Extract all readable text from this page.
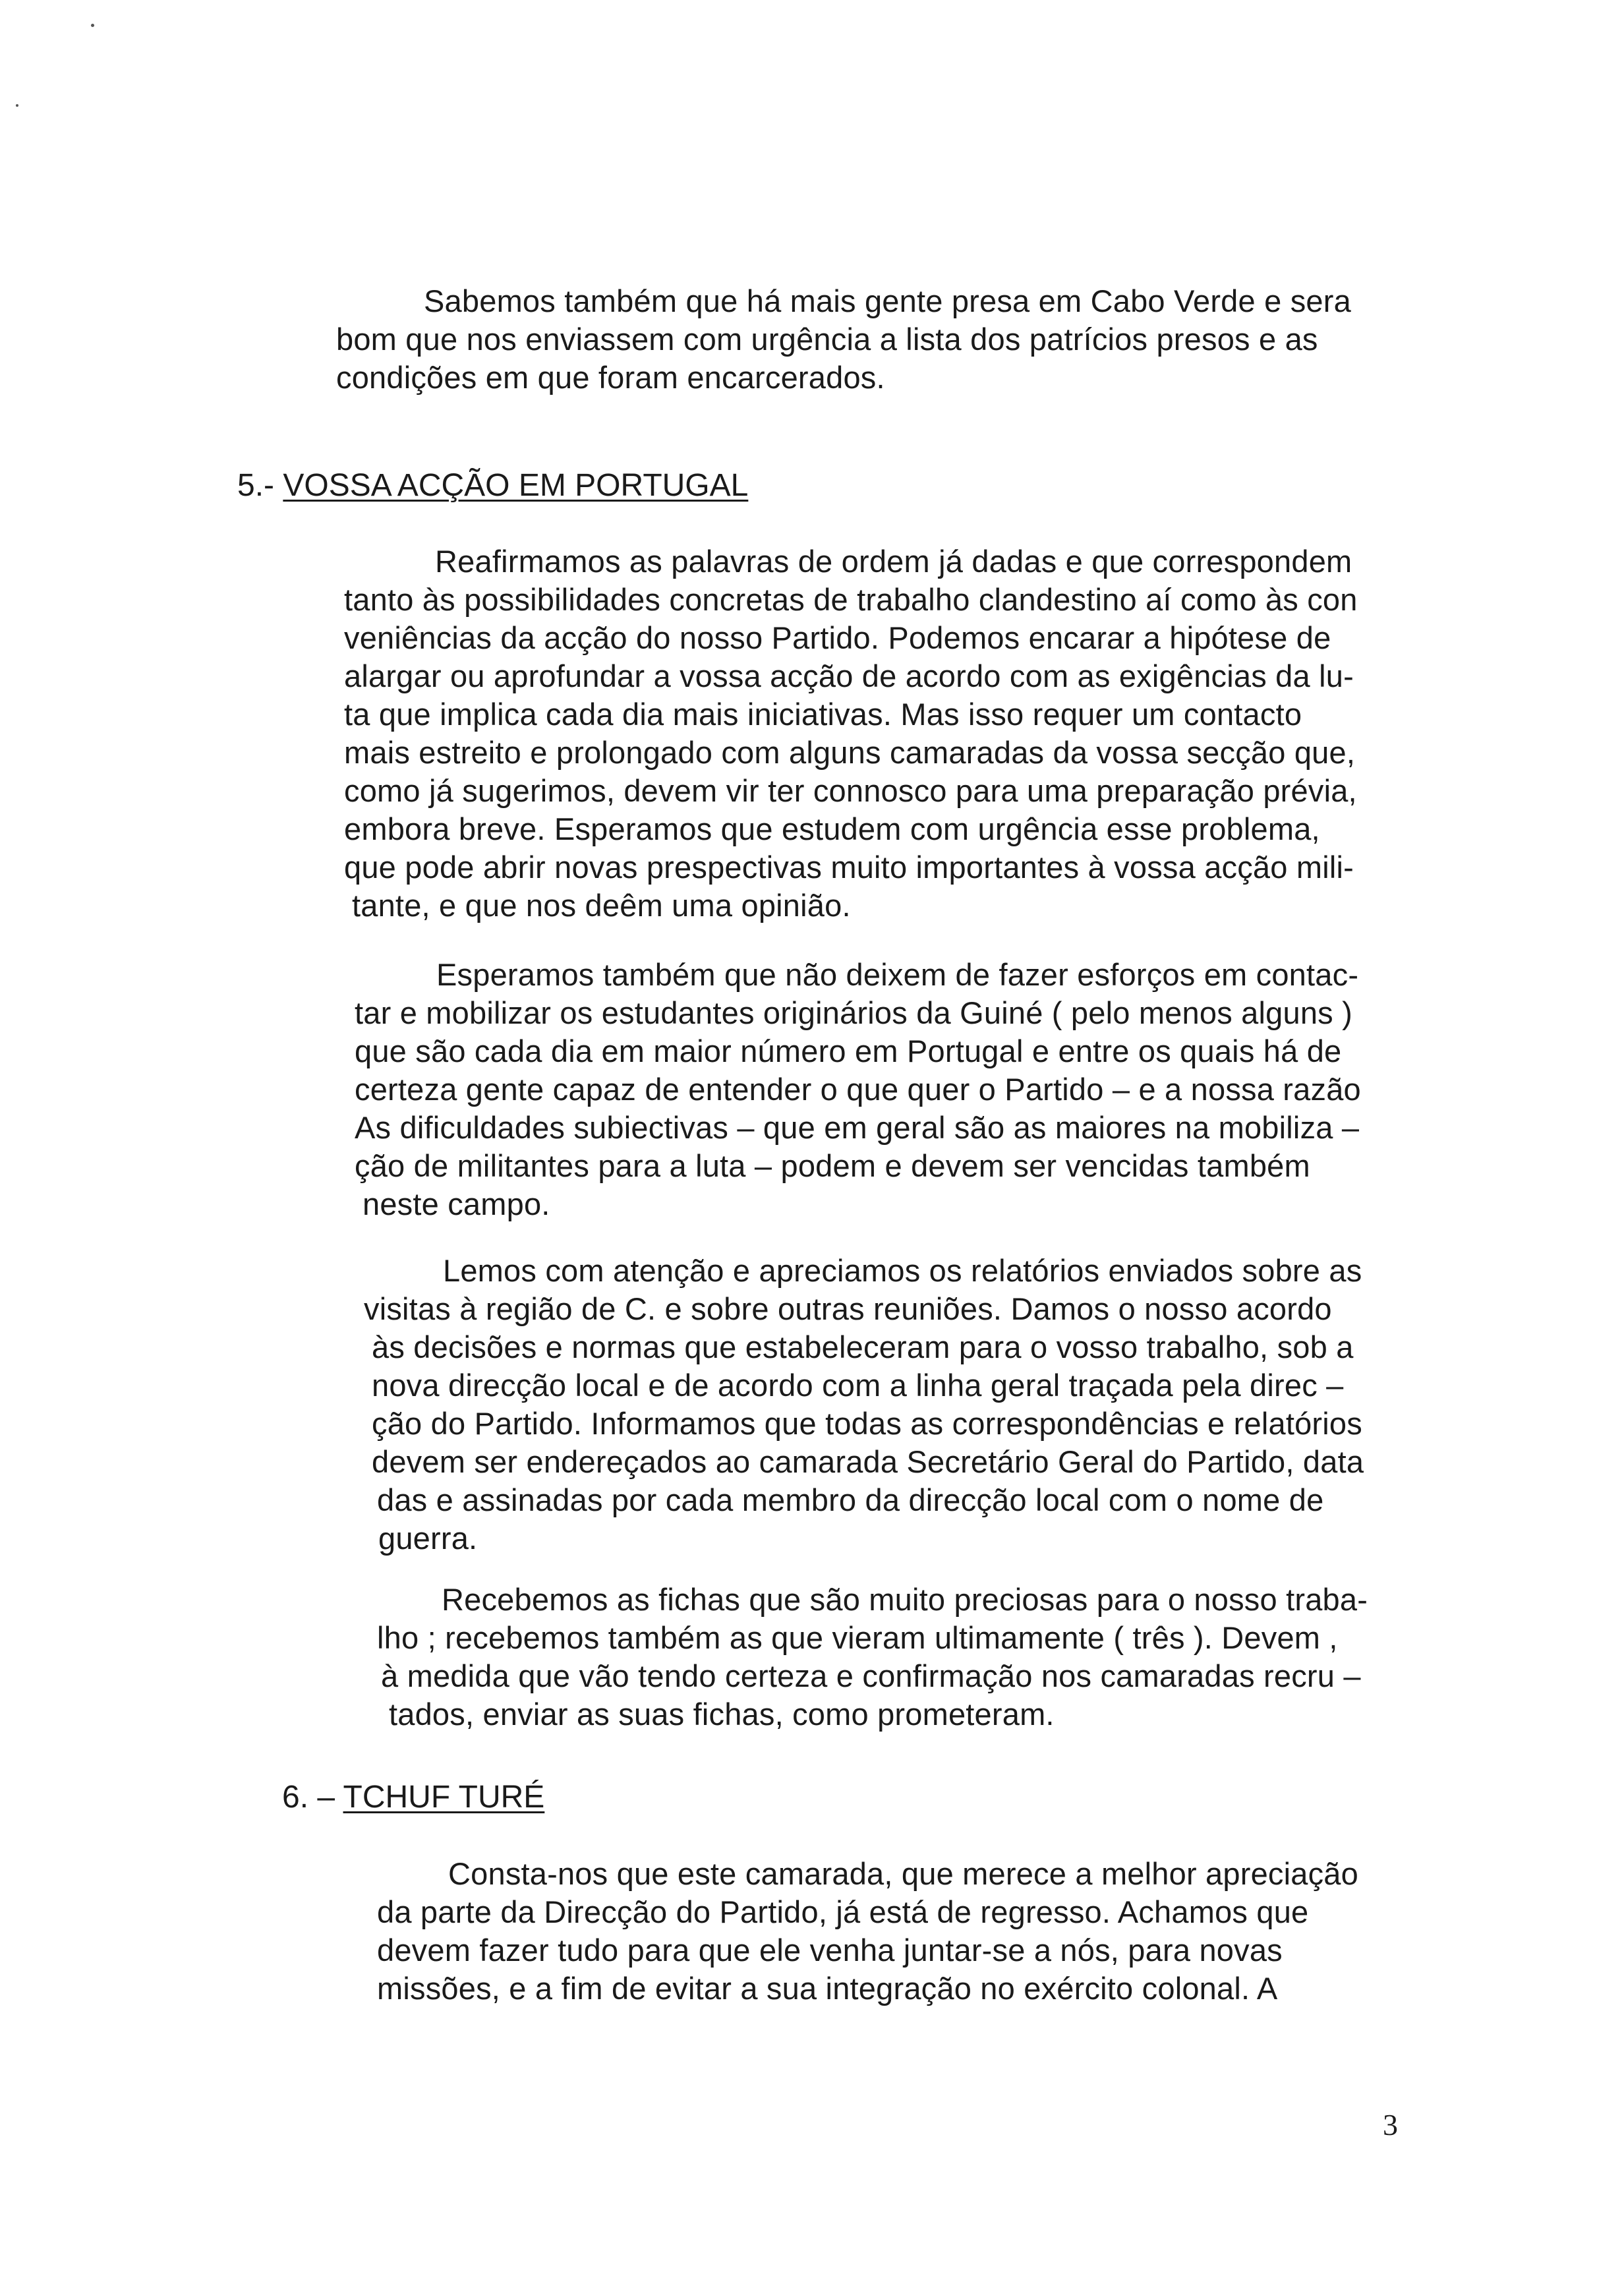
Sabemos também que há mais gente presa em Cabo Verde e sera
bom que nos enviassem com urgência a lista dos patrícios presos e as
condições em que foram encarcerados.
5.- VOSSA ACÇÃO EM PORTUGAL
Reafirmamos as palavras de ordem já dadas e que correspondem
tanto às possibilidades concretas de trabalho clandestino aí como às con
veniências da acção do nosso Partido. Podemos encarar a hipótese de
alargar ou aprofundar a vossa acção de acordo com as exigências da lu-
ta que implica cada dia mais iniciativas. Mas isso requer um contacto
mais estreito e prolongado com alguns camaradas da vossa secção que,
como já sugerimos, devem vir ter connosco para uma preparação prévia,
embora breve. Esperamos que estudem com urgência esse problema,
que pode abrir novas prespectivas muito importantes à vossa acção mili-
tante, e que nos deêm uma opinião.
Esperamos também que não deixem de fazer esforços em contac-
tar e mobilizar os estudantes originários da Guiné ( pelo menos alguns )
que são cada dia em maior número em Portugal e entre os quais há de
certeza gente capaz de entender o que quer o Partido – e a nossa razão
As dificuldades subiectivas – que em geral são as maiores na mobiliza –
ção de militantes para a luta – podem e devem ser vencidas também
neste campo.
Lemos com atenção e apreciamos os relatórios enviados sobre as
visitas à região de C. e sobre outras reuniões. Damos o nosso acordo
às decisões e normas que estabeleceram para o vosso trabalho, sob a
nova direcção local e de acordo com a linha geral traçada pela direc –
ção do Partido. Informamos que todas as correspondências e relatórios
devem ser endereçados ao camarada Secretário Geral do Partido, data
das e assinadas por cada membro da direcção local com o nome de
guerra.
Recebemos as fichas que são muito preciosas para o nosso traba-
lho ; recebemos também as que vieram ultimamente ( três ). Devem ,
à medida que vão tendo certeza e confirmação nos camaradas recru –
tados, enviar as suas fichas, como prometeram.
6. – TCHUF TURÉ
Consta-nos que este camarada, que merece a melhor apreciação
da parte da Direcção do Partido, já está de regresso. Achamos que
devem fazer tudo para que ele venha juntar-se a nós, para novas
missões, e a fim de evitar a sua integração no exército colonal. A
3
